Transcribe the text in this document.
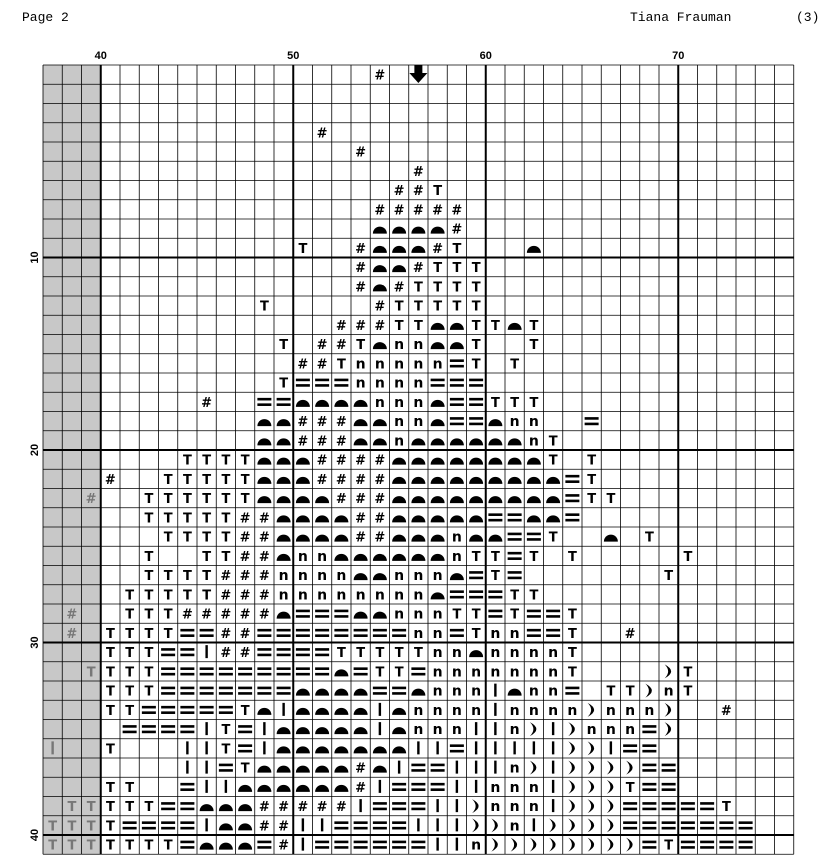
Page 2	Tiana Frauman	(3)
40	50	60	70
10
20
30
40
#
#
#
#
# # T
# # # # #
#
T	#	# T
#	# T T T
# # T T T T
T	# T T T T T
# # # T T	T T T
T # # T n n	T	T
# # T n n n n n T T
T	n n n n
#	n n n	T T T
# # #	n n	n n
# # #	n	n T
T T T T	# # # #	T T
#	T T T T T	# # # #	T
#	T T T T T T	# # #	T T
T T T T T # #	# #
T T T T # #	# #	n	T	T
T	T T # # n n	n T T T T	T
T T T T # # # n n n n	n n n	T	T
T T T T T # # # n n n n n n n n	T T
#	T T T # # # # #	n n n T T T	T
# T T T T	# #	n n T n n	T	#
T T T	# #	T T T T T n n n n n n T
T T T T	T T n n n n n n n T	T
T T T	n n n	n n	T T n T
T T	T	n n n n n n n n n n n	#
T	n n n	n	n n n
T	T
T	#	n
T T	#	n n n	T
T T T T T	# # # # #	n n n	T
T T T T	# #	n
T T T T T T T	#	n	T
